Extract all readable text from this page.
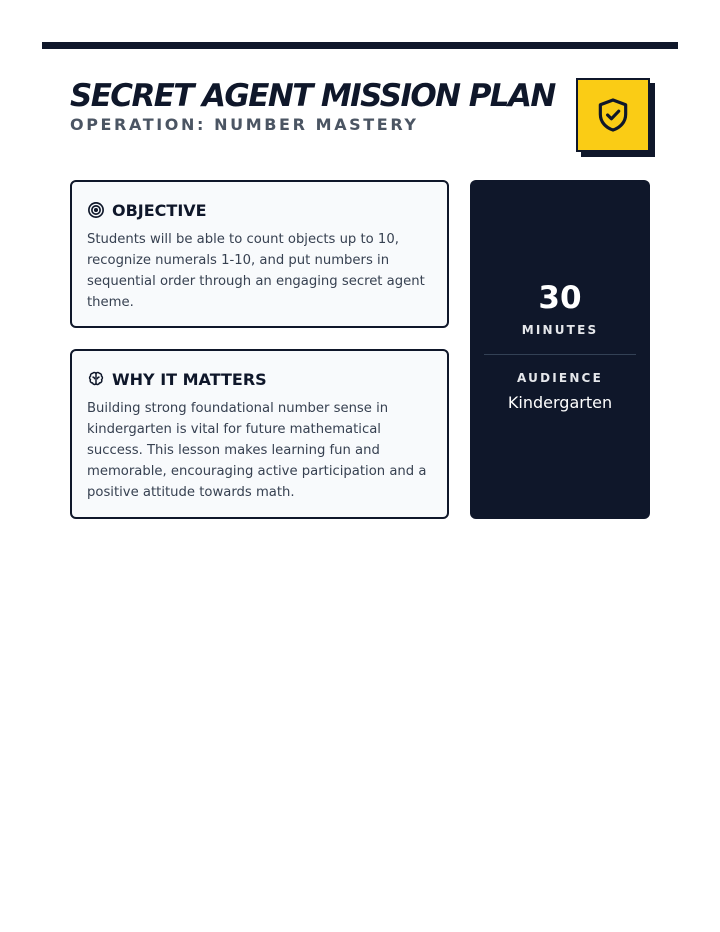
SECRET AGENT MISSION PLAN
OPERATION: NUMBER MASTERY
OBJECTIVE

Students will be able to count objects up to 10, recognize numerals 1-10, and put numbers in sequential order through an engaging secret agent theme.

WHY IT MATTERS

Building strong foundational number sense in kindergarten is vital for future mathematical success. This lesson makes learning fun and memorable, encouraging active participation and a positive attitude towards math.

30
MINUTES
AUDIENCE
Kindergarten
